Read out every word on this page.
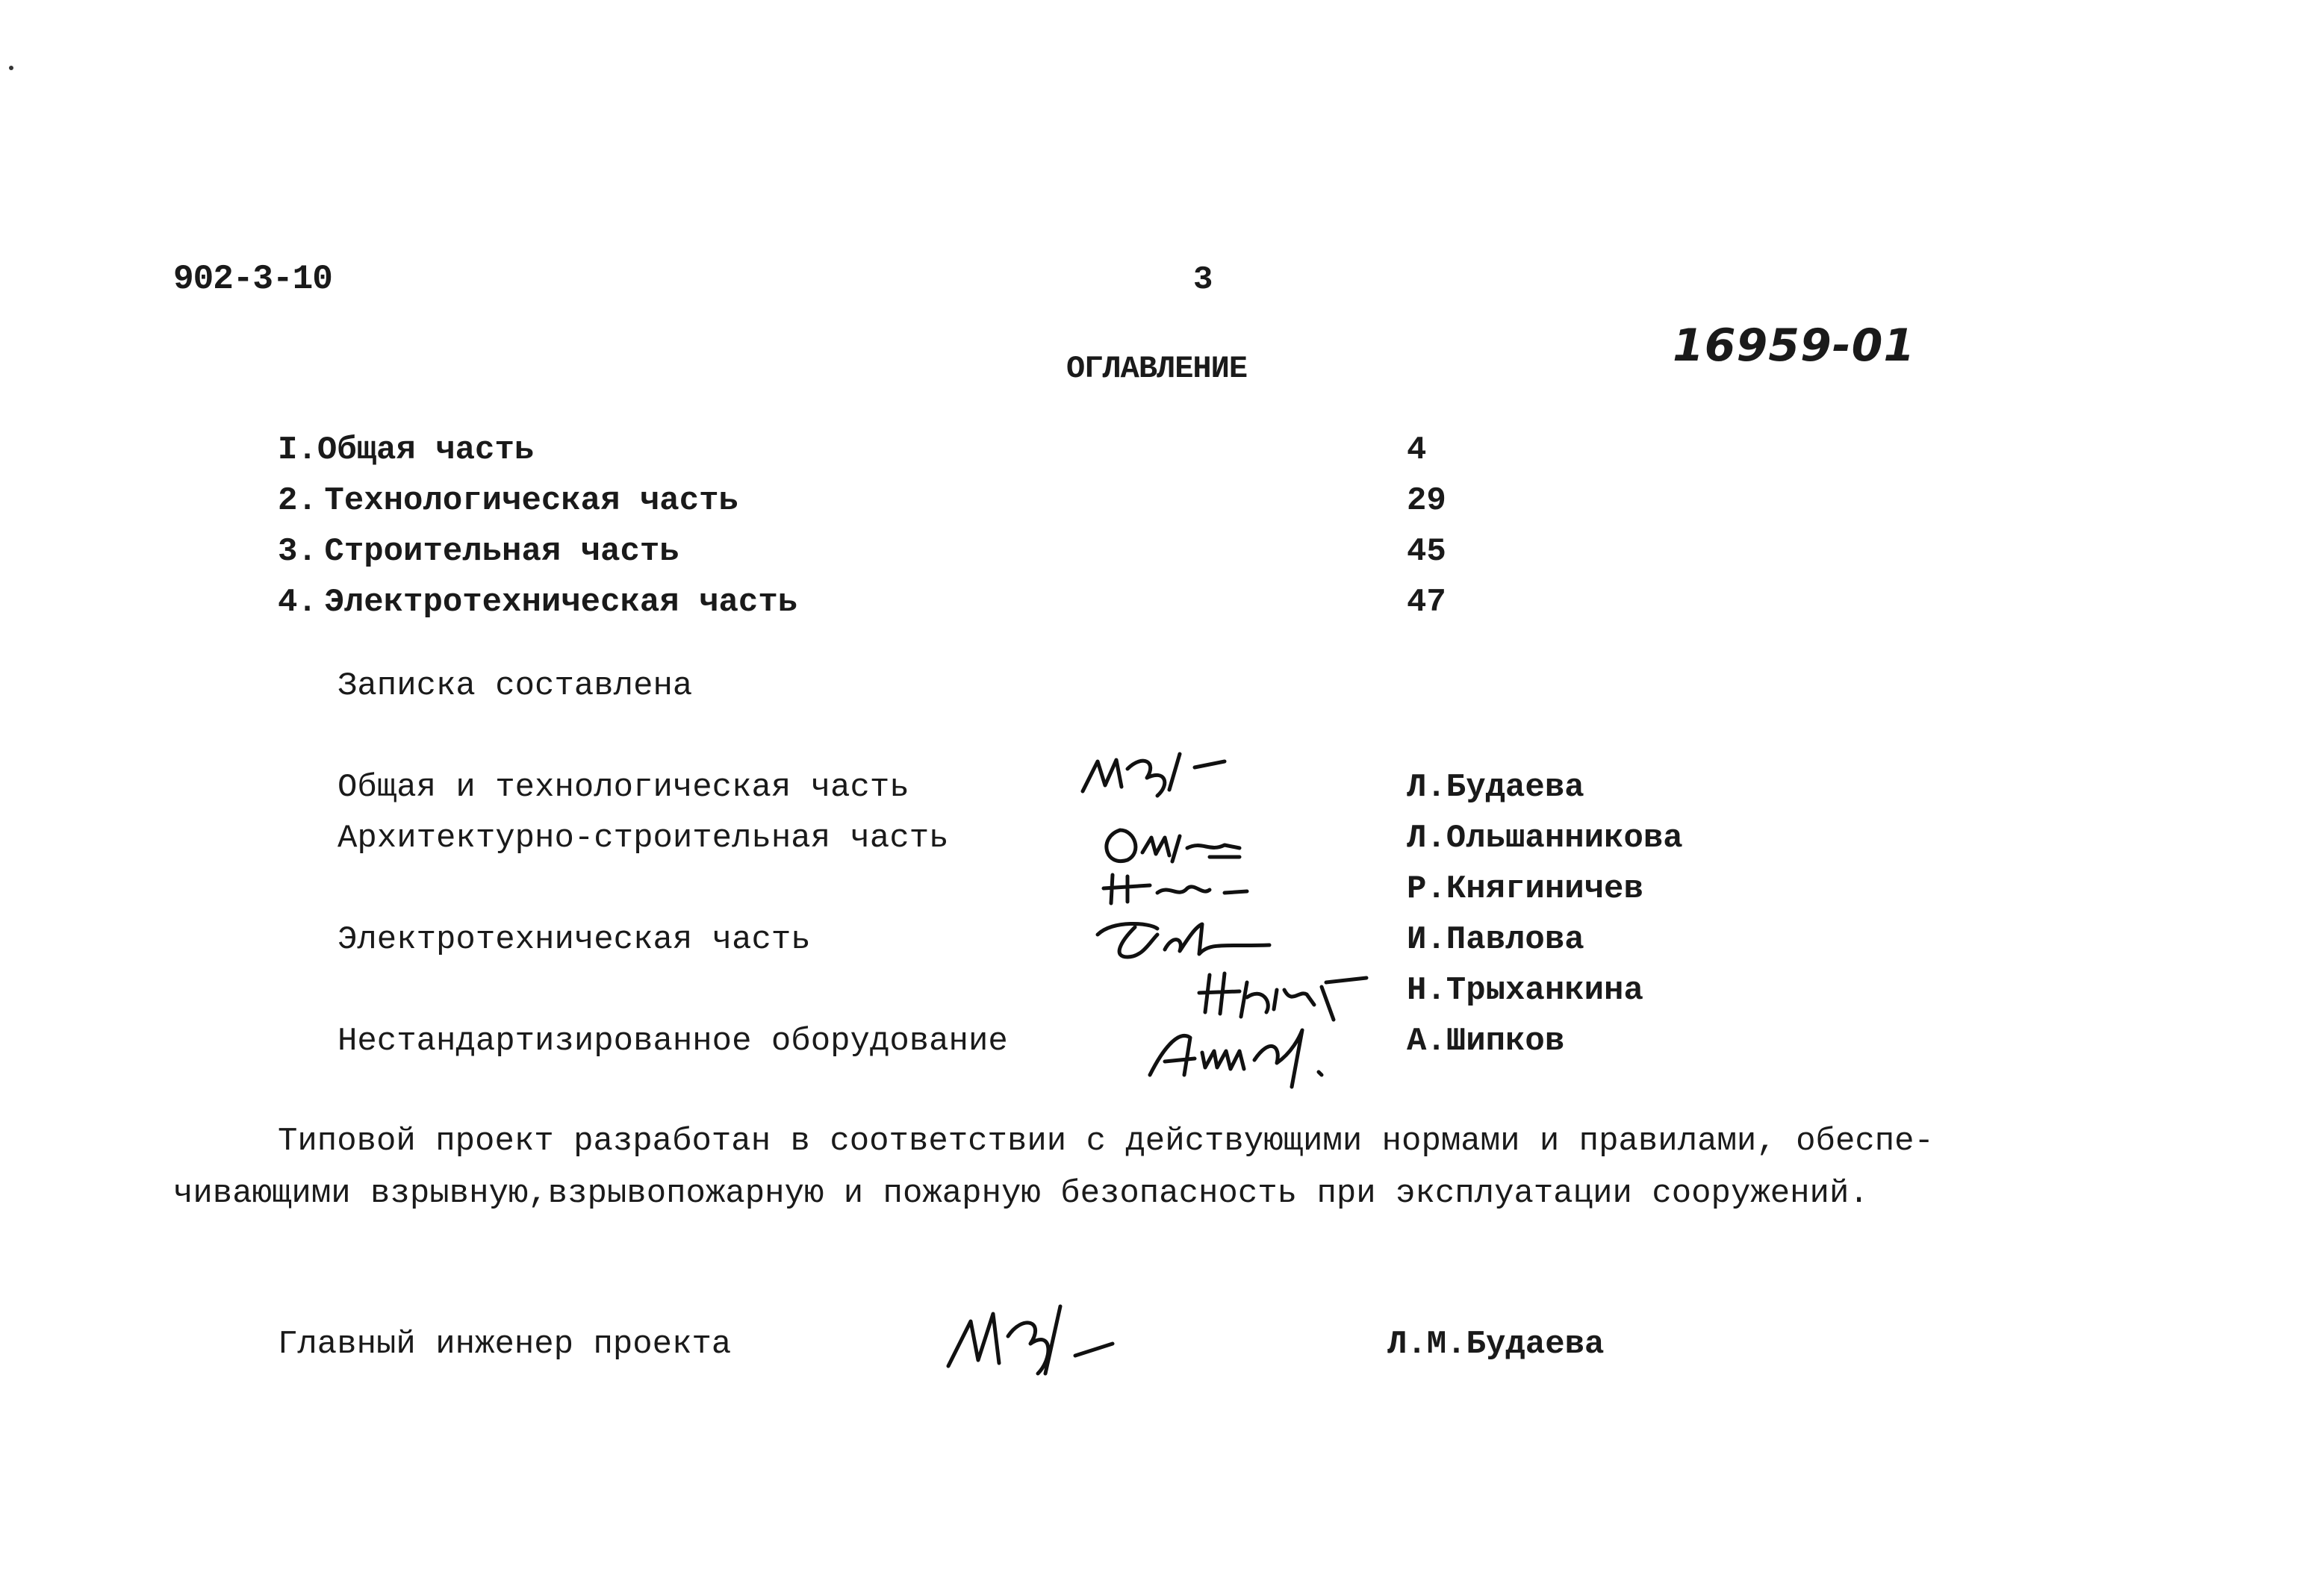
902-3-10	3
16959-01
ОГЛАВЛЕНИЕ
I.Общая часть	4
2. Технологическая часть	29
3. Строительная часть	45
4. Электротехническая часть	47
Записка составлена
Общая и технологическая часть	Л.Будаева
Архитектурно-строительная часть	Л.Ольшанникова
Р.Княгиничев
Электротехническая часть	И.Павлова
Н.Трыханкина
Нестандартизированное оборудование	А.Шипков
Типовой проект разработан в соответствии с действующими нормами и правилами, обеспе-
чивающими взрывную,взрывопожарную и пожарную безопасность при эксплуатации сооружений.
Главный инженер проекта	Л.М.Будаева
